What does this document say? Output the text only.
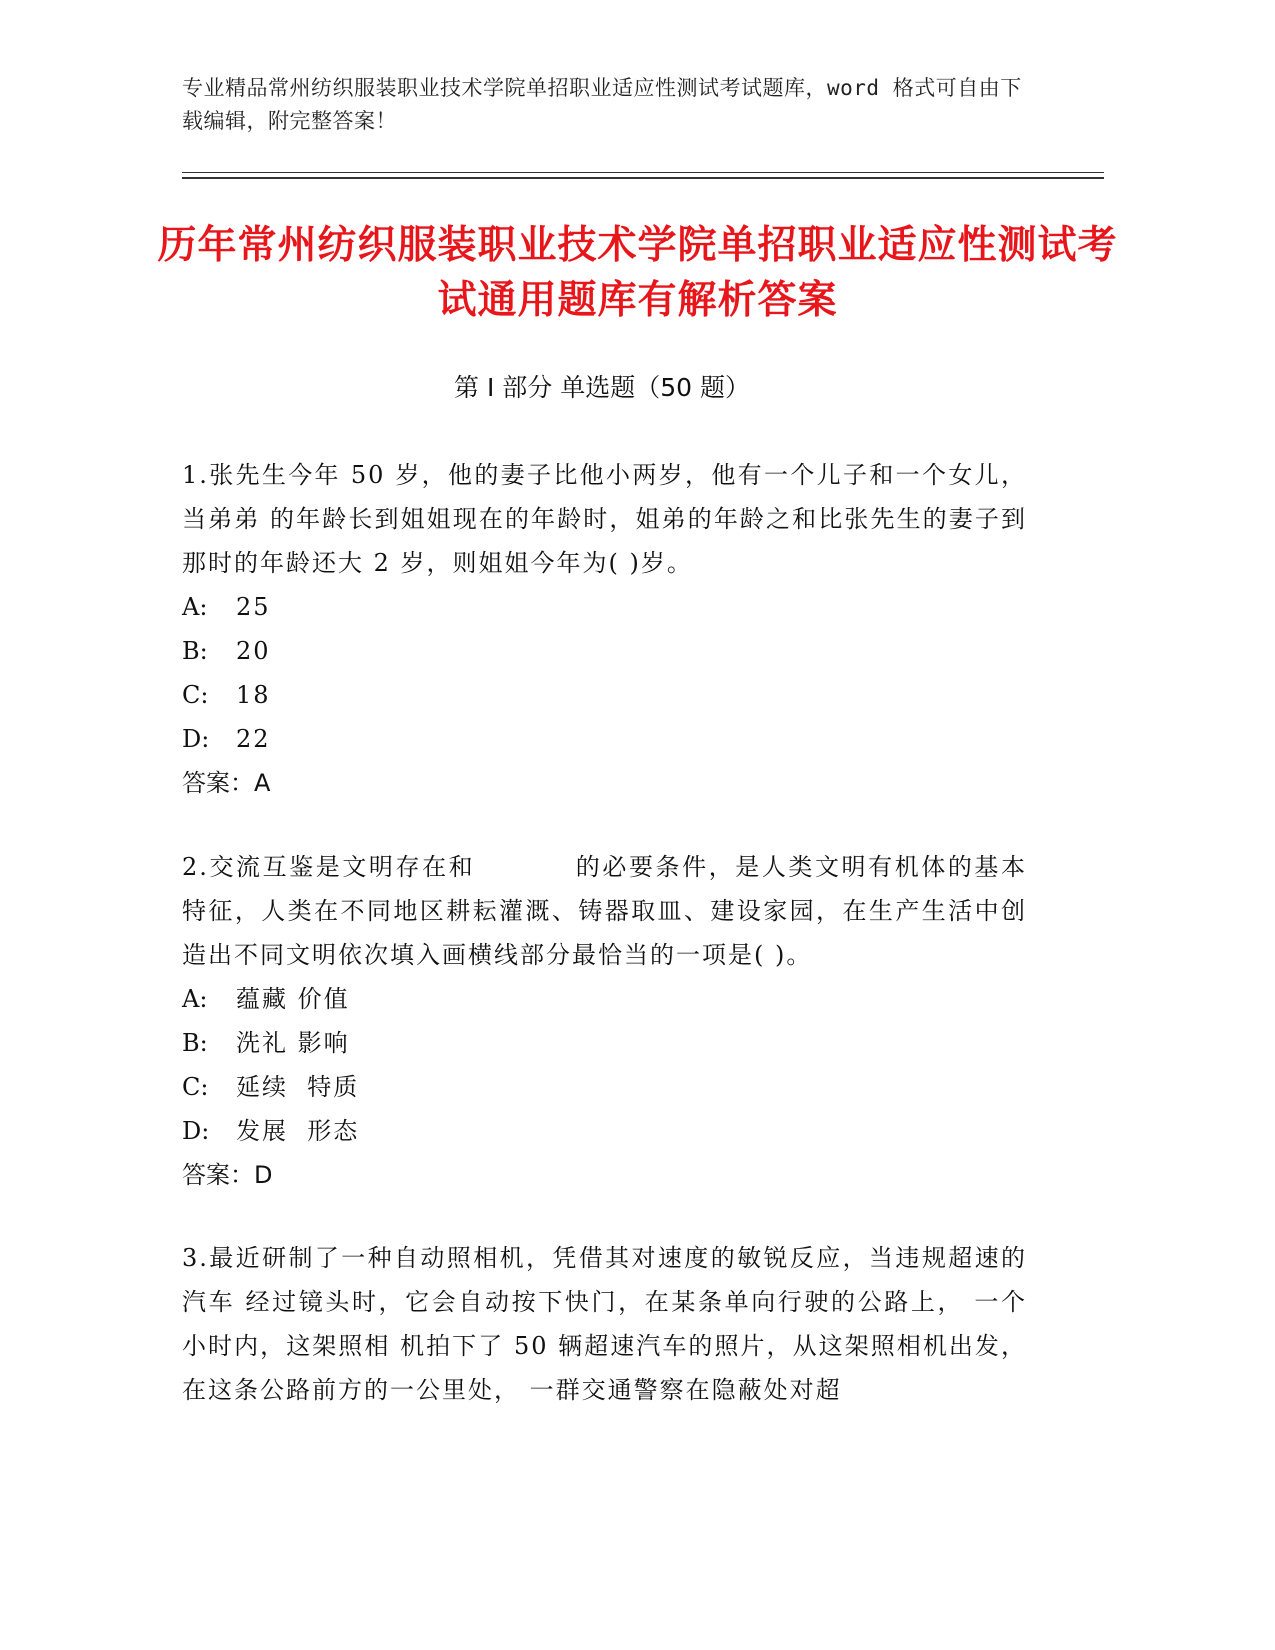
专业精品常州纺织服装职业技术学院单招职业适应性测试考试题库，word 格式可自由下载编辑，附完整答案！
历年常州纺织服装职业技术学院单招职业适应性测试考试通用题库有解析答案
第 I 部分 单选题（50 题）

1.张先生今年 50 岁，他的妻子比他小两岁，他有一个儿子和一个女儿，当弟弟 的年龄长到姐姐现在的年龄时，姐弟的年龄之和比张先生的妻子到那时的年龄还大 2 岁，则姐姐今年为( )岁。

A:	25
B:	20
C:	18
D:	22
答案：A

2.交流互鉴是文明存在和	的必要条件，是人类文明有机体的基本特征，人类在不同地区耕耘灌溉、铸器取皿、建设家园，在生产生活中创造出不同文明依次填入画横线部分最恰当的一项是( )。

A:	蕴藏 价值
B:	洗礼 影响
C:	延续  特质
D:	发展  形态
答案：D

3.最近研制了一种自动照相机，凭借其对速度的敏锐反应，当违规超速的汽车 经过镜头时，它会自动按下快门，在某条单向行驶的公路上， 一个小时内，这架照相 机拍下了 50 辆超速汽车的照片，从这架照相机出发，在这条公路前方的一公里处， 一群交通警察在隐蔽处对超
